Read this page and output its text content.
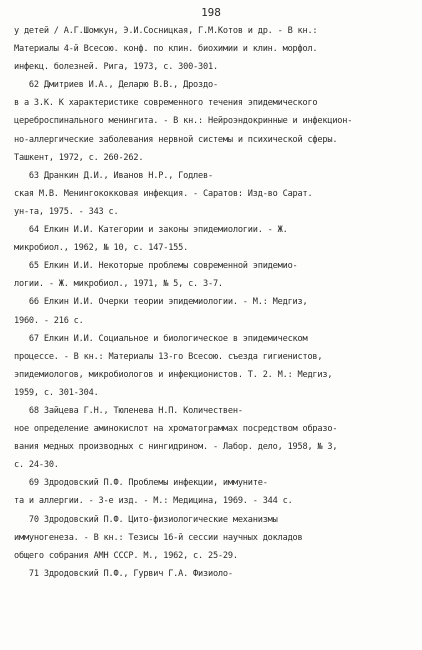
198
у детей / А.Г.Шомкун, Э.И.Сосницкая, Г.М.Котов и др. - В кн.:
Материалы 4-й Всесою. конф. по клин. биохимии и клин. морфол.
инфекц. болезней. Рига, 1973, с. 300-301.
62 Дмитриев И.А., Деларю В.В., Дроздо-
в а З.К. К характеристике современного течения эпидемического
цереброспинального менингита. - В кн.: Нейроэндокринные и инфекцион-
но-аллергические заболевания нервной системы и психической сферы.
Ташкент, 1972, с. 260-262.
63 Дранкин Д.И., Иванов Н.Р., Годлев-
ская М.В. Менингококковая инфекция. - Саратов: Изд-во Сарат.
ун-та, 1975. - 343 с.
64 Елкин И.И. Категории и законы эпидемиологии. - Ж.
микробиол., 1962, № 10, с. 147-155.
65 Елкин И.И. Некоторые проблемы современной эпидемио-
логии. - Ж. микробиол., 1971, № 5, с. 3-7.
66 Елкин И.И. Очерки теории эпидемиологии. - М.: Медгиз,
1960. - 216 с.
67 Елкин И.И. Социальное и биологическое в эпидемическом
процессе. - В кн.: Материалы 13-го Всесою. съезда гигиенистов,
эпидемиологов, микробиологов и инфекционистов. Т. 2. М.: Медгиз,
1959, с. 301-304.
68 Зайцева Г.Н., Тюленева Н.П. Количествен-
ное определение аминокислот на хроматограммах посредством образо-
вания медных производных с нингидрином. - Лабор. дело, 1958, № 3,
с. 24-30.
69 Здродовский П.Ф. Проблемы инфекции, иммуните-
та и аллергии. - 3-е изд. - М.: Медицина, 1969. - 344 с.
70 Здродовский П.Ф. Цито-физиологические механизмы
иммуногенеза. - В кн.: Тезисы 16-й сессии научных докладов
общего собрания АМН СССР. М., 1962, с. 25-29.
71 Здродовский П.Ф., Гурвич Г.А. Физиоло-
